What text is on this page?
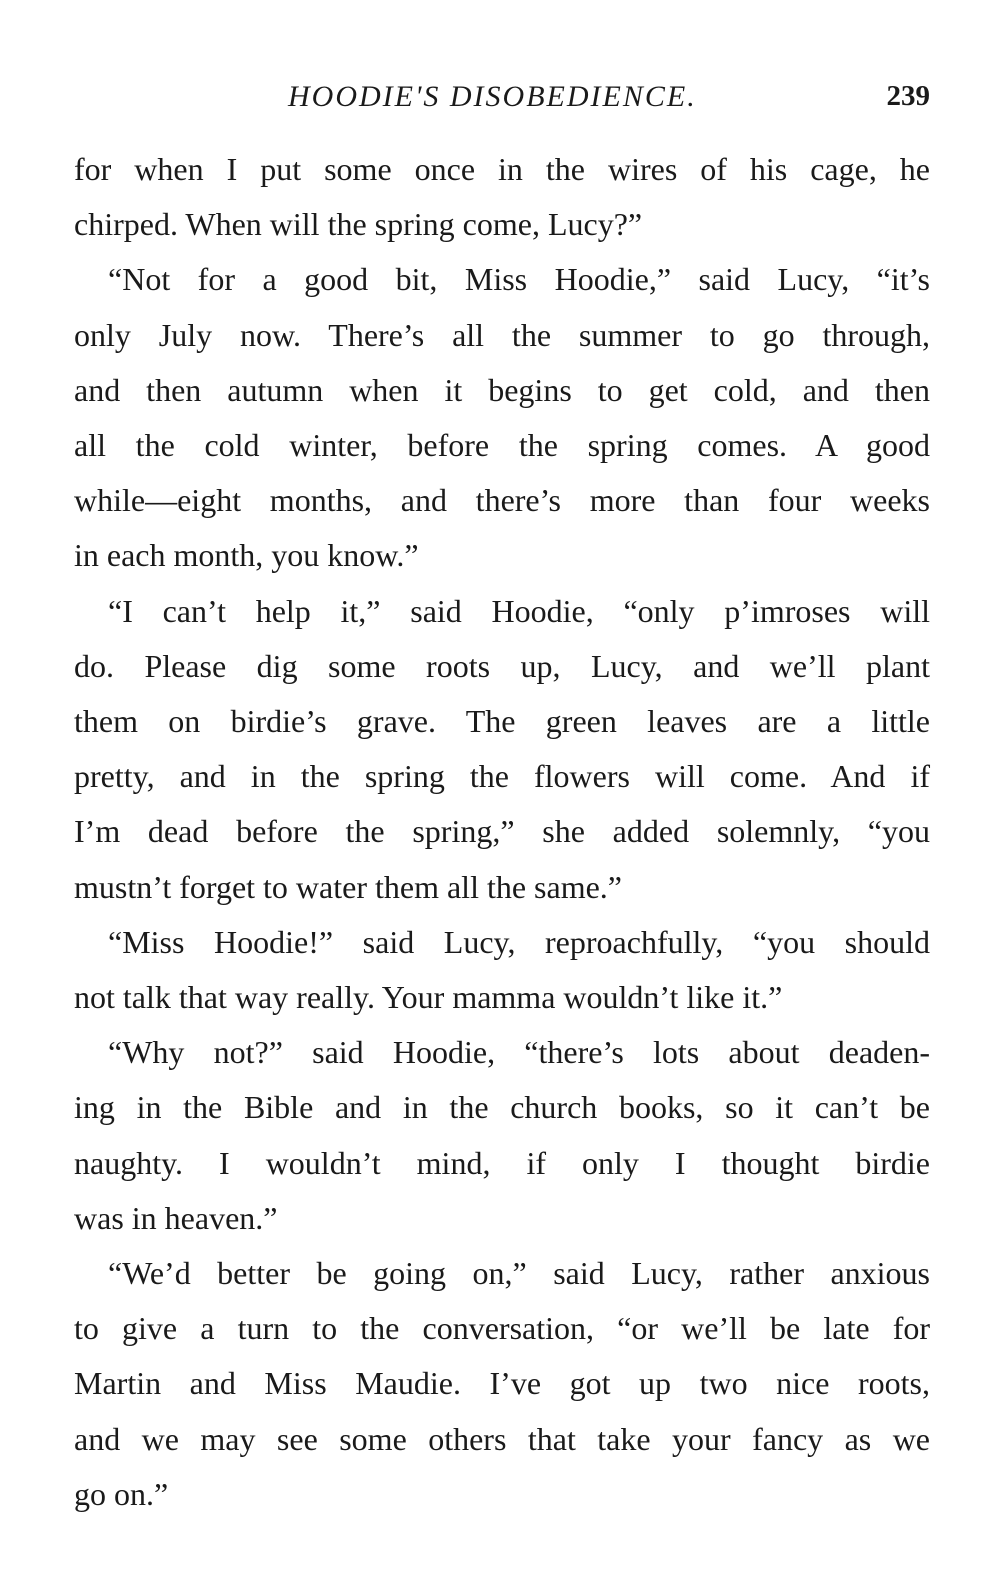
HOODIE'S DISOBEDIENCE.	239

for when I put some once in the wires of his cage, he

chirped. When will the spring come, Lucy?”

“Not for a good bit, Miss Hoodie,” said Lucy, “it’s

only July now. There’s all the summer to go through,

and then autumn when it begins to get cold, and then

all the cold winter, before the spring comes. A good

while—eight months, and there’s more than four weeks

in each month, you know.”

“I can’t help it,” said Hoodie, “only p’imroses will

do. Please dig some roots up, Lucy, and we’ll plant

them on birdie’s grave. The green leaves are a little

pretty, and in the spring the flowers will come. And if

I’m dead before the spring,” she added solemnly, “you

mustn’t forget to water them all the same.”

“Miss Hoodie!” said Lucy, reproachfully, “you should

not talk that way really. Your mamma wouldn’t like it.”

“Why not?” said Hoodie, “there’s lots about deaden-

ing in the Bible and in the church books, so it can’t be

naughty. I wouldn’t mind, if only I thought birdie

was in heaven.”

“We’d better be going on,” said Lucy, rather anxious

to give a turn to the conversation, “or we’ll be late for

Martin and Miss Maudie. I’ve got up two nice roots,

and we may see some others that take your fancy as we

go on.”
